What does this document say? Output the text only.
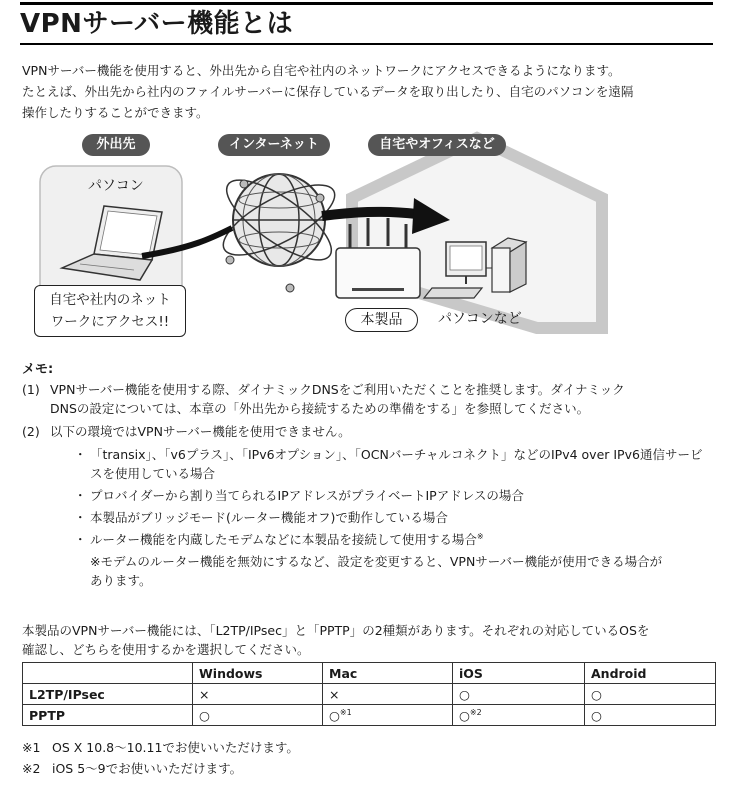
VPNサーバー機能とは
VPNサーバー機能を使用すると、外出先から自宅や社内のネットワークにアクセスできるようになります。
たとえば、外出先から社内のファイルサーバーに保存しているデータを取り出したり、自宅のパソコンを遠隔
操作したりすることができます。
外出先	インターネット	自宅やオフィスなど
パソコン
自宅や社内のネット
ワークにアクセス!!	本製品	パソコンなど
メモ:
(1) VPNサーバー機能を使用する際、ダイナミックDNSをご利用いただくことを推奨します。ダイナミック
DNSの設定については、本章の「外出先から接続するための準備をする」を参照してください。
(2) 以下の環境ではVPNサーバー機能を使用できません。
・ 「transix」、「v6プラス」、「IPv6オプション」、「OCNバーチャルコネクト」などのIPv4 over IPv6通信サービ
スを使用している場合
・ プロバイダーから割り当てられるIPアドレスがプライベートIPアドレスの場合
・ 本製品がブリッジモード(ルーター機能オフ)で動作している場合
・ ルーター機能を内蔵したモデムなどに本製品を接続して使用する場合※
※モデムのルーター機能を無効にするなど、設定を変更すると、VPNサーバー機能が使用できる場合が
あります。
本製品のVPNサーバー機能には、「L2TP/IPsec」と「PPTP」の2種類があります。それぞれの対応しているOSを
確認し、どちらを使用するかを選択してください。
	Windows	Mac	iOS	Android
L2TP/IPsec	×	×	○	○
PPTP	○	○$^{※1}$	○$^{※2}$	○
※1 OS X 10.8～10.11でお使いいただけます。
※2 iOS 5～9でお使いいただけます。
